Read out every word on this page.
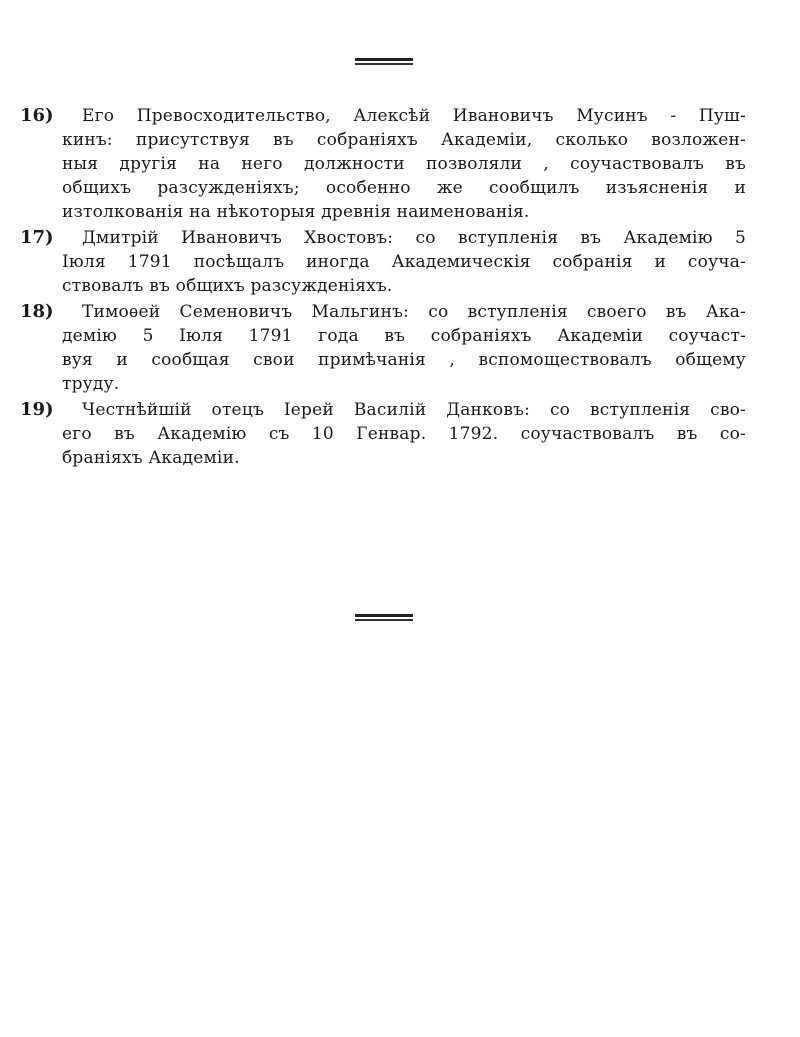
16) Его Превосходительство, Алексѣй Ивановичъ Мусинъ - Пуш-
кинъ: присутствуя въ собраніяхъ Академіи, сколько возложен-
ныя другія на него должности позволяли , соучаствовалъ въ
общихъ разсужденіяхъ; особенно же сообщилъ изъясненія и
изтолкованія на нѣкоторыя древнія наименованія.
17) Дмитрій Ивановичъ Хвостовъ: со вступленія въ Академію 5
Іюля 1791 посѣщалъ иногда Академическія собранія и соуча-
ствовалъ въ общихъ разсужденіяхъ.
18) Тимоѳей Семеновичъ Мальгинъ: со вступленія своего въ Ака-
демію 5 Іюля 1791 года въ собраніяхъ Академіи соучаст-
вуя и сообщая свои примѣчанія , вспомоществовалъ общему
труду.
19) Честнѣйшій отецъ Іерей Василій Данковъ: со вступленія сво-
его въ Академію съ 10 Генвар. 1792. соучаствовалъ въ со-
браніяхъ Академіи.
